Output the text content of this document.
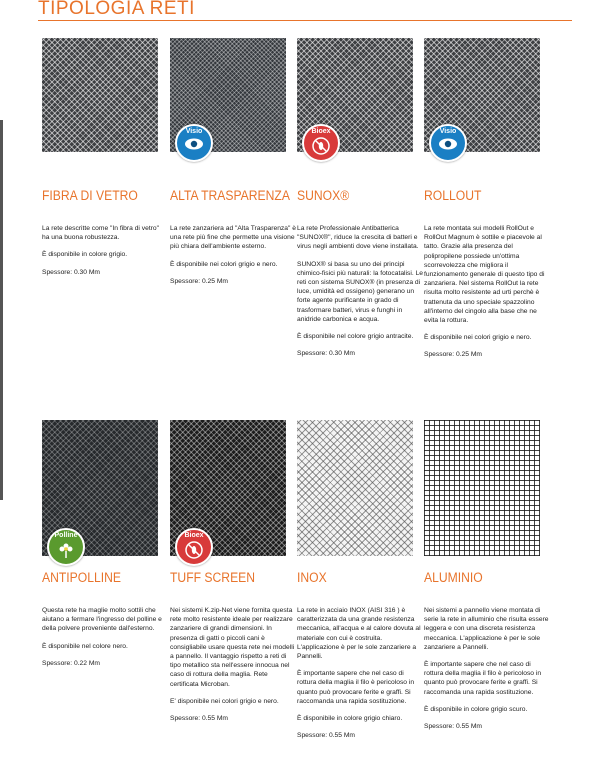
TIPOLOGIA RETI
FIBRA DI VETRO

La rete descritte come "In fibra di vetro" ha una buona robustezza.

È disponibile in colore grigio.

Spessore: 0.30 Mm

Visio
ALTA TRASPARENZA

La rete zanzariera ad "Alta Trasparenza" è una rete più fine che permette una visione più chiara dell'ambiente esterno.

È disponibile nei colori grigio e nero.

Spessore: 0.25 Mm

Bioex
SUNOX®

La rete Professionale Antibatterica "SUNOX®", riduce la crescita di batteri e virus negli ambienti dove viene installata.

SUNOX® si basa su uno dei principi chimico-fisici più naturali: la fotocatalisi. Le reti con sistema SUNOX® (in presenza di luce, umidità ed ossigeno) generano un forte agente purificante in grado di trasformare batteri, virus e funghi in anidride carbonica e acqua.

È disponibile nel colore grigio antracite.

Spessore: 0.30 Mm

Visio
ROLLOUT

La rete montata sui modelli RollOut e RollOut Magnum è sottile e piacevole al tatto. Grazie alla presenza del polipropilene possiede un'ottima scorrevolezza che migliora il funzionamento generale di questo tipo di zanzariera. Nel sistema RollOut la rete risulta molto resistente ad urti perchè è trattenuta da uno speciale spazzolino all'interno del cingolo alla base che ne evita la rottura.

È disponibile nei colori grigio e nero.

Spessore: 0.25 Mm

Polline
ANTIPOLLINE

Questa rete ha maglie molto sottili che aiutano a fermare l'ingresso del polline e della polvere proveniente dall'esterno.

È disponibile nel colore nero.

Spessore: 0.22 Mm

Bioex
TUFF SCREEN

Nei sistemi K.zip-Net viene fornita questa rete molto resistente ideale per realizzare zanzariere di grandi dimensioni. In presenza di gatti o piccoli cani è consigliabile usare questa rete nei modelli a pannello. Il vantaggio rispetto a reti di tipo metallico sta nell'essere innocua nel caso di rottura della maglia. Rete certificata Microban.

E' disponibile nei colori grigio e nero.

Spessore: 0.55 Mm

INOX

La rete in acciaio INOX (AISI 316 ) è caratterizzata da una grande resistenza meccanica, all'acqua e al calore dovuta al materiale con cui è costruita. L'applicazione è per le sole zanzariere a Pannelli.

È importante sapere che nel caso di rottura della maglia il filo è pericoloso in quanto può provocare ferite e graffi. Si raccomanda una rapida sostituzione.

È disponibile in colore grigio chiaro.

Spessore: 0.55 Mm

ALUMINIO

Nei sistemi a pannello viene montata di serie la rete in alluminio che risulta essere leggera e con una discreta resistenza meccanica. L'applicazione è per le sole zanzariere a Pannelli.

È importante sapere che nel caso di rottura della maglia il filo è pericoloso in quanto può provocare ferite e graffi. Si raccomanda una rapida sostituzione.

È disponibile in colore grigio scuro.

Spessore: 0.55 Mm
